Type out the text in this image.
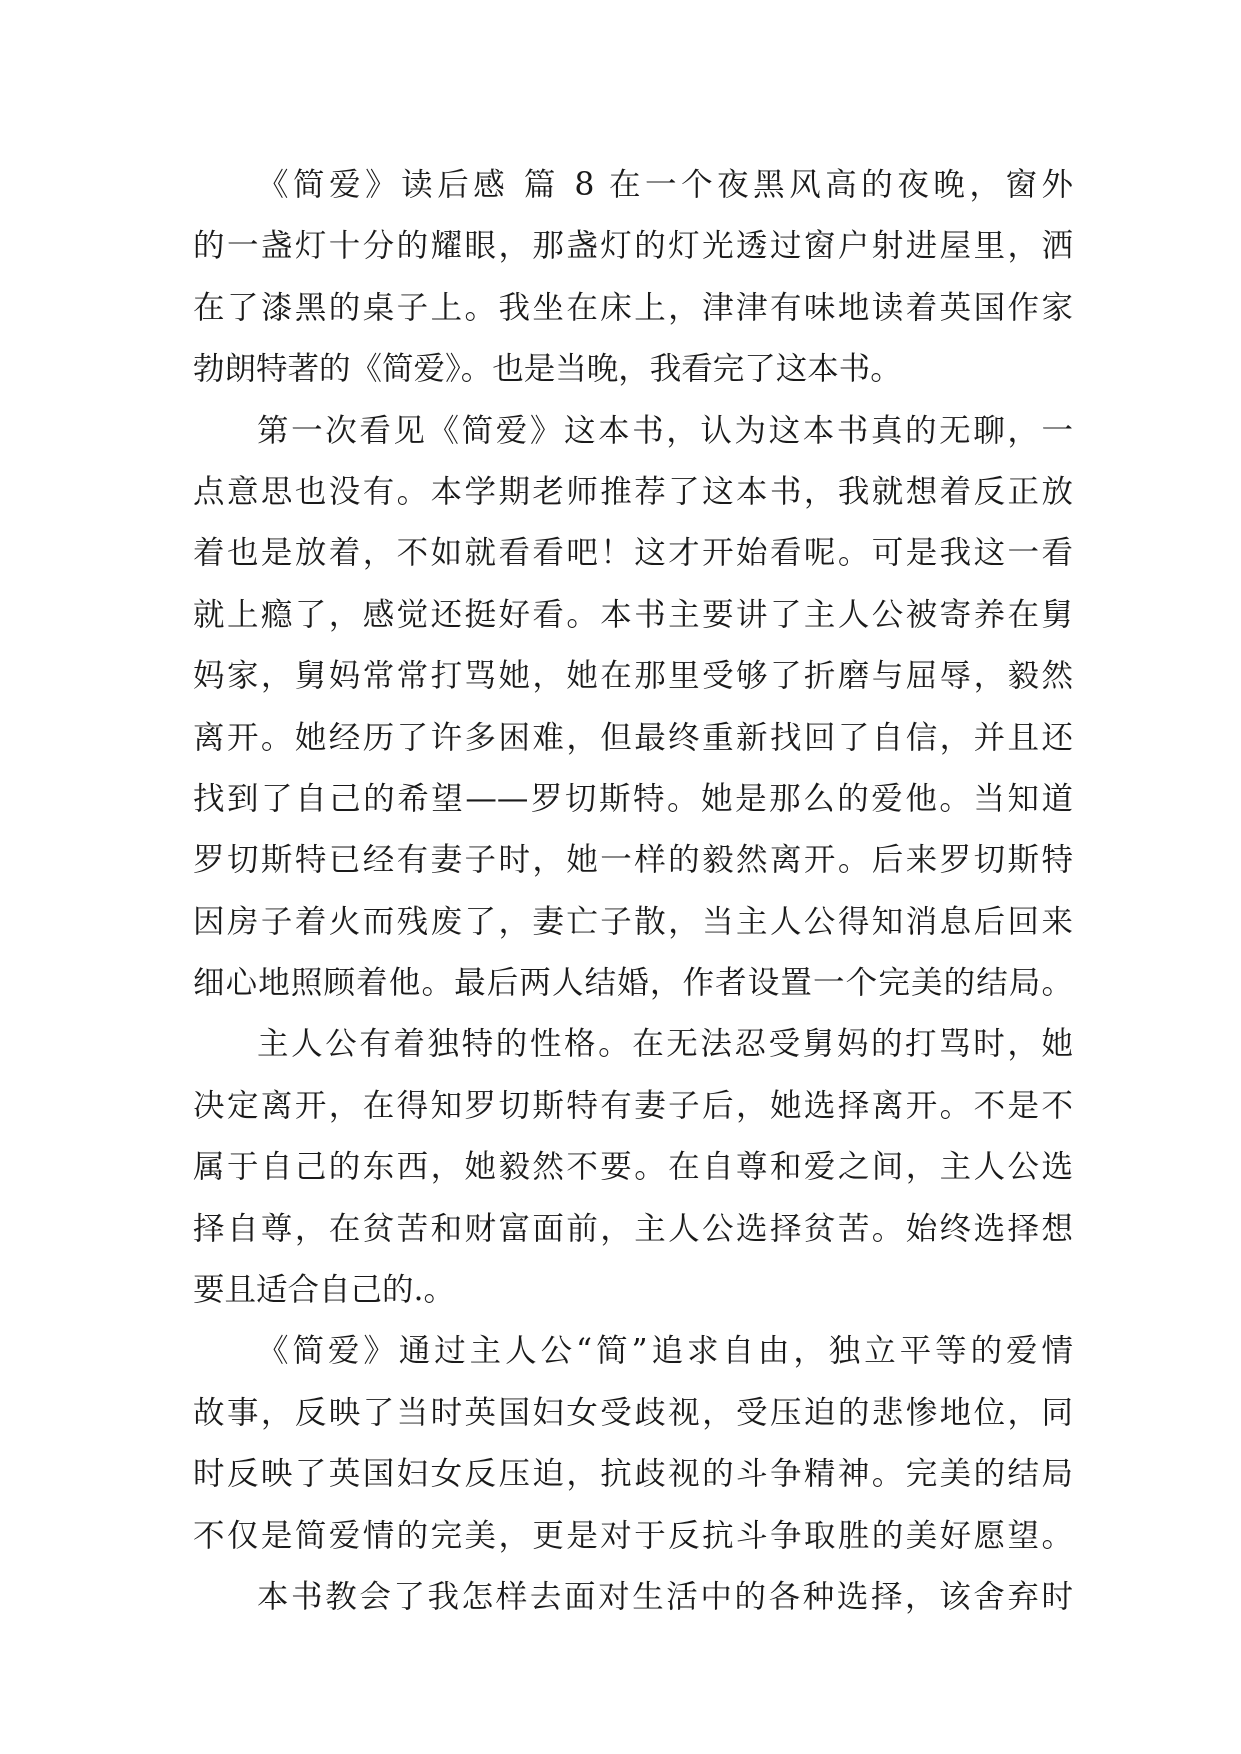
《简爱》读后感 篇 8 在一个夜黑风高的夜晚，窗外
的一盏灯十分的耀眼，那盏灯的灯光透过窗户射进屋里，洒
在了漆黑的桌子上。我坐在床上，津津有味地读着英国作家
勃朗特著的《简爱》。也是当晚，我看完了这本书。
第一次看见《简爱》这本书，认为这本书真的无聊，一
点意思也没有。本学期老师推荐了这本书，我就想着反正放
着也是放着，不如就看看吧！这才开始看呢。可是我这一看
就上瘾了，感觉还挺好看。本书主要讲了主人公被寄养在舅
妈家，舅妈常常打骂她，她在那里受够了折磨与屈辱，毅然
离开。她经历了许多困难，但最终重新找回了自信，并且还
找到了自己的希望——罗切斯特。她是那么的爱他。当知道
罗切斯特已经有妻子时，她一样的毅然离开。后来罗切斯特
因房子着火而残废了，妻亡子散，当主人公得知消息后回来
细心地照顾着他。最后两人结婚，作者设置一个完美的结局。
主人公有着独特的性格。在无法忍受舅妈的打骂时，她
决定离开，在得知罗切斯特有妻子后，她选择离开。不是不
属于自己的东西，她毅然不要。在自尊和爱之间，主人公选
择自尊，在贫苦和财富面前，主人公选择贫苦。始终选择想
要且适合自己的.。
《简爱》通过主人公“简”追求自由，独立平等的爱情
故事，反映了当时英国妇女受歧视，受压迫的悲惨地位，同
时反映了英国妇女反压迫，抗歧视的斗争精神。完美的结局
不仅是简爱情的完美，更是对于反抗斗争取胜的美好愿望。
本书教会了我怎样去面对生活中的各种选择，该舍弃时
